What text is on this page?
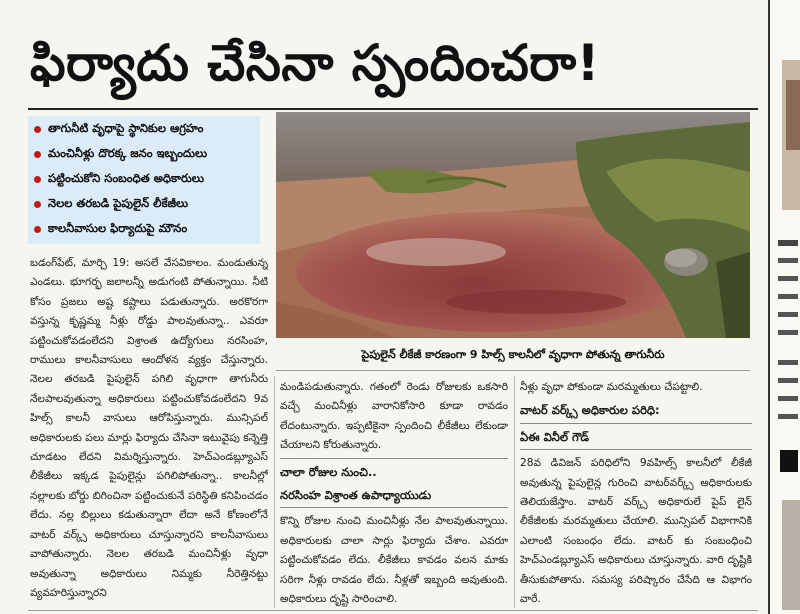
ఫిర్యాదు చేసినా స్పందించరా!
తాగునీటి వృధాపై స్థానికుల ఆగ్రహం
మంచినీళ్లు దొరక్క జనం ఇబ్బందులు
పట్టించుకోని సంబంధిత అధికారులు
నెలల తరబడి పైపులైన్ లీకేజీలు
కాలనీవాసుల ఫిర్యాదుపై మౌనం
పైపులైన్ లీకేజీ కారణంగా 9 హిల్స్ కాలనీలో వృధాగా పోతున్న తాగునీరు

బడంగ్‌పేట్, మార్చి 19: అసలే వేసవికాలం. మండుతున్న ఎండలు. భూగర్భ జలాలన్నీ అడుగంటి పోతున్నాయి. నీటి కోసం ప్రజలు అష్ట కష్టాలు పడుతున్నారు. అరకొరగా వస్తున్న కృష్ణమ్మ నీళ్లు రోడ్డు పాలవుతున్నా.. ఎవరూ పట్టించుకోవడంలేదని విశ్రాంత ఉద్యోగులు నరసింహ, రాములు కాలనీవాసులు ఆందోళన వ్యక్తం చేస్తున్నారు. నెలల తరబడి పైపులైన్ పగిలి వృధాగా తాగునీరు నేలపాలవుతున్నా అధికారులు పట్టించుకోవడంలేదని 9వ హిల్స్ కాలనీ వాసులు ఆరోపిస్తున్నారు. మున్సిపల్ అధికారులకు పలు మార్లు ఫిర్యాదు చేసినా ఇటువైపు కన్నెత్తి చూడటం లేదని విమర్శిస్తున్నారు. హెచ్‌ఎండబ్ల్యూఎస్ లీకేజీలు ఇక్కడ పైపులైన్లు పగిలిపోతున్నా.. కాలనీల్లో నల్లాలకు బోర్డు బిగించినా పట్టించుకునే పరిస్థితి కనిపించడం లేదు. నల్ల బిల్లులు కడుతున్నారా లేదా అనే కోణంలోనే వాటర్ వర్క్స్ అధికారులు చూస్తున్నారని కాలనీవాసులు వాపోతున్నారు. నెలల తరబడి మంచినీళ్లు వృధా అవుతున్నా అధికారులు నిమ్మకు నీరెత్తినట్టు వ్యవహరిస్తున్నారని

మండిపడుతున్నారు. గతంలో రెండు రోజులకు ఒకసారి వచ్చే మంచినీళ్లు వారానికోసారి కూడా రావడం లేదంటున్నారు. ఇప్పటికైనా స్పందించి లీకేజీలు లేకుండా చేయాలని కోరుతున్నారు.

చాలా రోజుల నుంచి..
నరసింహ విశ్రాంత ఉపాధ్యాయుడు

కొన్ని రోజుల నుంచి మంచినీళ్లు నేల పాలవుతున్నాయి. అధికారులకు చాలా సార్లు ఫిర్యాదు చేశాం. ఎవరూ పట్టించుకోవడం లేదు. లీకేజీలు కావడం వలన మాకు సరిగా నీళ్లు రావడం లేదు. నీళ్లతో ఇబ్బంది అవుతుంది. అధికారులు దృష్టి సారించాలి.

నీళ్లు వృధా పోకుండా మరమ్మతులు చేపట్టాలి.

వాటర్ వర్క్స్ అధికారుల పరిధి:
ఏఈ వినీల్ గౌడ్

28వ డివిజన్ పరిధిలోని 9వహిల్స్ కాలనీలో లీకేజీ అవుతున్న పైపులైన్ల గురించి వాటర్‌వర్క్స్ అధికారులకు తెలియజేస్తాం. వాటర్ వర్క్స్ అధికారులే పైప్ లైన్ లీకేజీలకు మరమ్మతులు చేయాలి. మున్సిపల్ విభాగానికి ఎలాంటి సంబంధం లేదు. వాటర్ కు సంబంధించి హెచ్‌ఎండబ్ల్యూఎస్ అధికారులు చూస్తున్నారు. వారి దృష్టికి తీసుకుపోతాను. సమస్య పరిష్కారం చేసేది ఆ విభాగం వారే.
